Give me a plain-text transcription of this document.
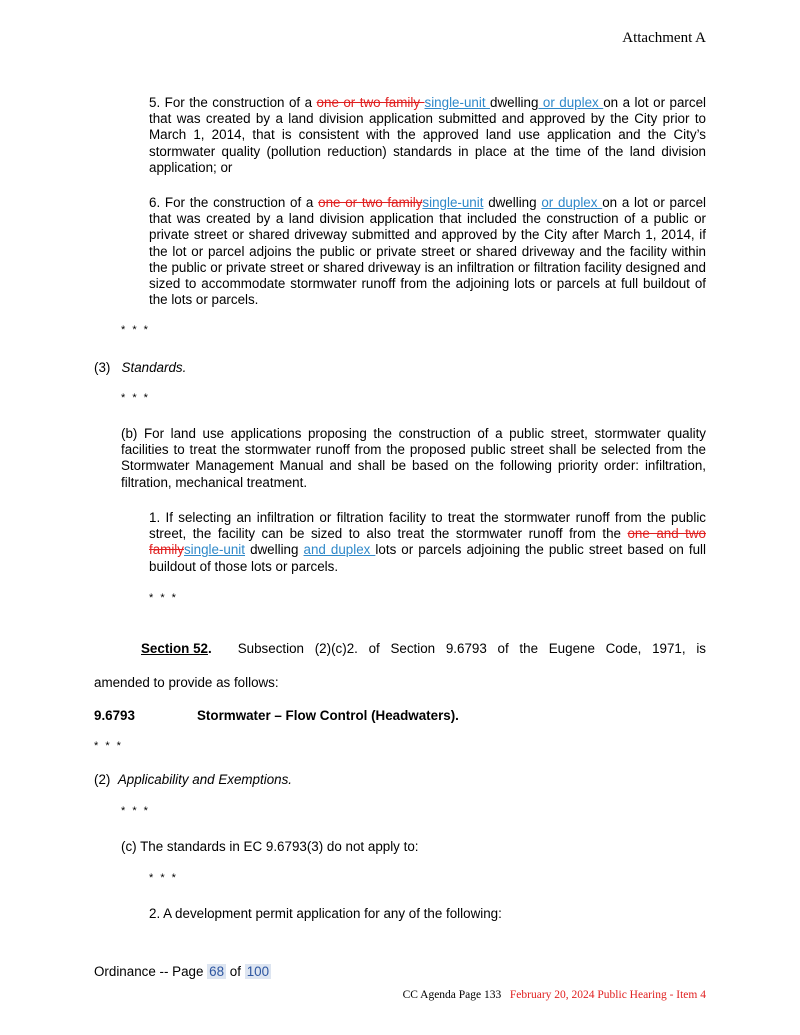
Attachment A

5. For the construction of a one or two family single-unit dwelling or duplex on a lot or parcel that was created by a land division application submitted and approved by the City prior to March 1, 2014, that is consistent with the approved land use application and the City’s stormwater quality (pollution reduction) standards in place at the time of the land division application; or

6. For the construction of a one or two familysingle-unit dwelling or duplex on a lot or parcel that was created by a land division application that included the construction of a public or private street or shared driveway submitted and approved by the City after March 1, 2014, if the lot or parcel adjoins the public or private street or shared driveway and the facility within the public or private street or shared driveway is an infiltration or filtration facility designed and sized to accommodate stormwater runoff from the adjoining lots or parcels at full buildout of the lots or parcels.

* * *
(3) Standards.
* * *

(b) For land use applications proposing the construction of a public street, stormwater quality facilities to treat the stormwater runoff from the proposed public street shall be selected from the Stormwater Management Manual and shall be based on the following priority order: infiltration, filtration, mechanical treatment.

1. If selecting an infiltration or filtration facility to treat the stormwater runoff from the public street, the facility can be sized to also treat the stormwater runoff from the one and two familysingle-unit dwelling and duplex lots or parcels adjoining the public street based on full buildout of those lots or parcels.

* * *
Section 52. Subsection (2)(c)2. of Section 9.6793 of the Eugene Code, 1971, is
amended to provide as follows:
9.6793	Stormwater – Flow Control (Headwaters).
* * *
(2) Applicability and Exemptions.
* * *
(c) The standards in EC 9.6793(3) do not apply to:
* * *
2. A development permit application for any of the following:
Ordinance -- Page 68 of 100
CC Agenda Page 133 February 20, 2024 Public Hearing - Item 4
